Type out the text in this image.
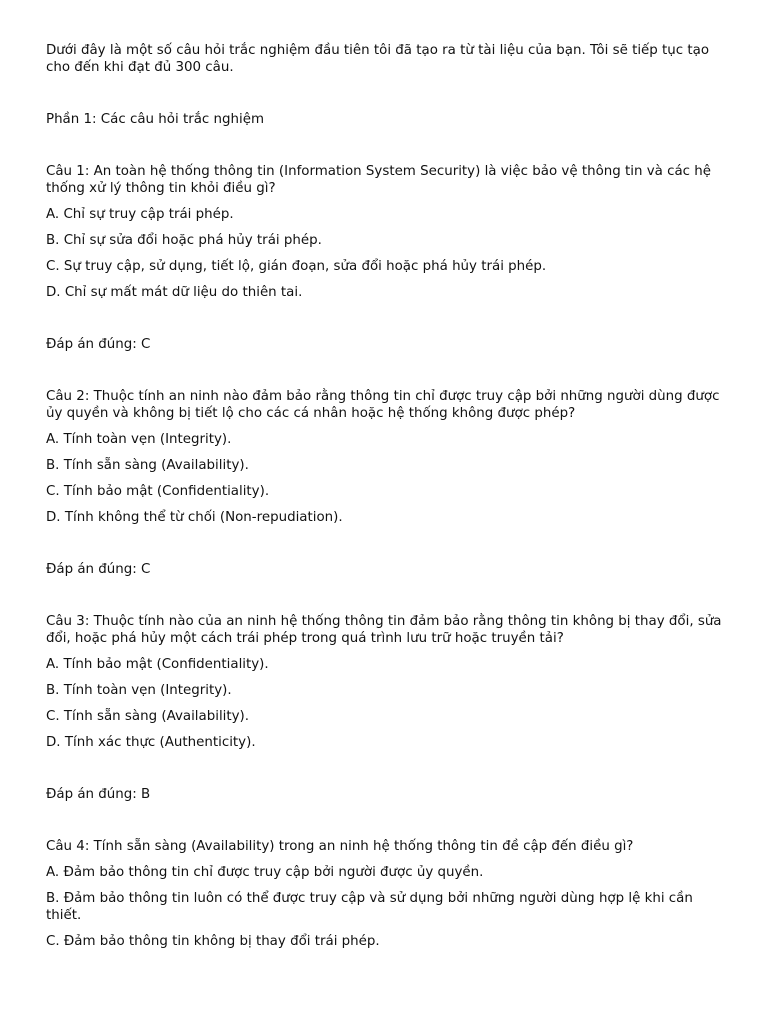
Dưới đây là một số câu hỏi trắc nghiệm đầu tiên tôi đã tạo ra từ tài liệu của bạn. Tôi sẽ tiếp tục tạo cho đến khi đạt đủ 300 câu.

Phần 1: Các câu hỏi trắc nghiệm

Câu 1: An toàn hệ thống thông tin (Information System Security) là việc bảo vệ thông tin và các hệ thống xử lý thông tin khỏi điều gì?

A. Chỉ sự truy cập trái phép.

B. Chỉ sự sửa đổi hoặc phá hủy trái phép.

C. Sự truy cập, sử dụng, tiết lộ, gián đoạn, sửa đổi hoặc phá hủy trái phép.

D. Chỉ sự mất mát dữ liệu do thiên tai.

Đáp án đúng: C

Câu 2: Thuộc tính an ninh nào đảm bảo rằng thông tin chỉ được truy cập bởi những người dùng được ủy quyền và không bị tiết lộ cho các cá nhân hoặc hệ thống không được phép?

A. Tính toàn vẹn (Integrity).

B. Tính sẵn sàng (Availability).

C. Tính bảo mật (Confidentiality).

D. Tính không thể từ chối (Non-repudiation).

Đáp án đúng: C

Câu 3: Thuộc tính nào của an ninh hệ thống thông tin đảm bảo rằng thông tin không bị thay đổi, sửa đổi, hoặc phá hủy một cách trái phép trong quá trình lưu trữ hoặc truyền tải?

A. Tính bảo mật (Confidentiality).

B. Tính toàn vẹn (Integrity).

C. Tính sẵn sàng (Availability).

D. Tính xác thực (Authenticity).

Đáp án đúng: B

Câu 4: Tính sẵn sàng (Availability) trong an ninh hệ thống thông tin đề cập đến điều gì?

A. Đảm bảo thông tin chỉ được truy cập bởi người được ủy quyền.

B. Đảm bảo thông tin luôn có thể được truy cập và sử dụng bởi những người dùng hợp lệ khi cần thiết.

C. Đảm bảo thông tin không bị thay đổi trái phép.
